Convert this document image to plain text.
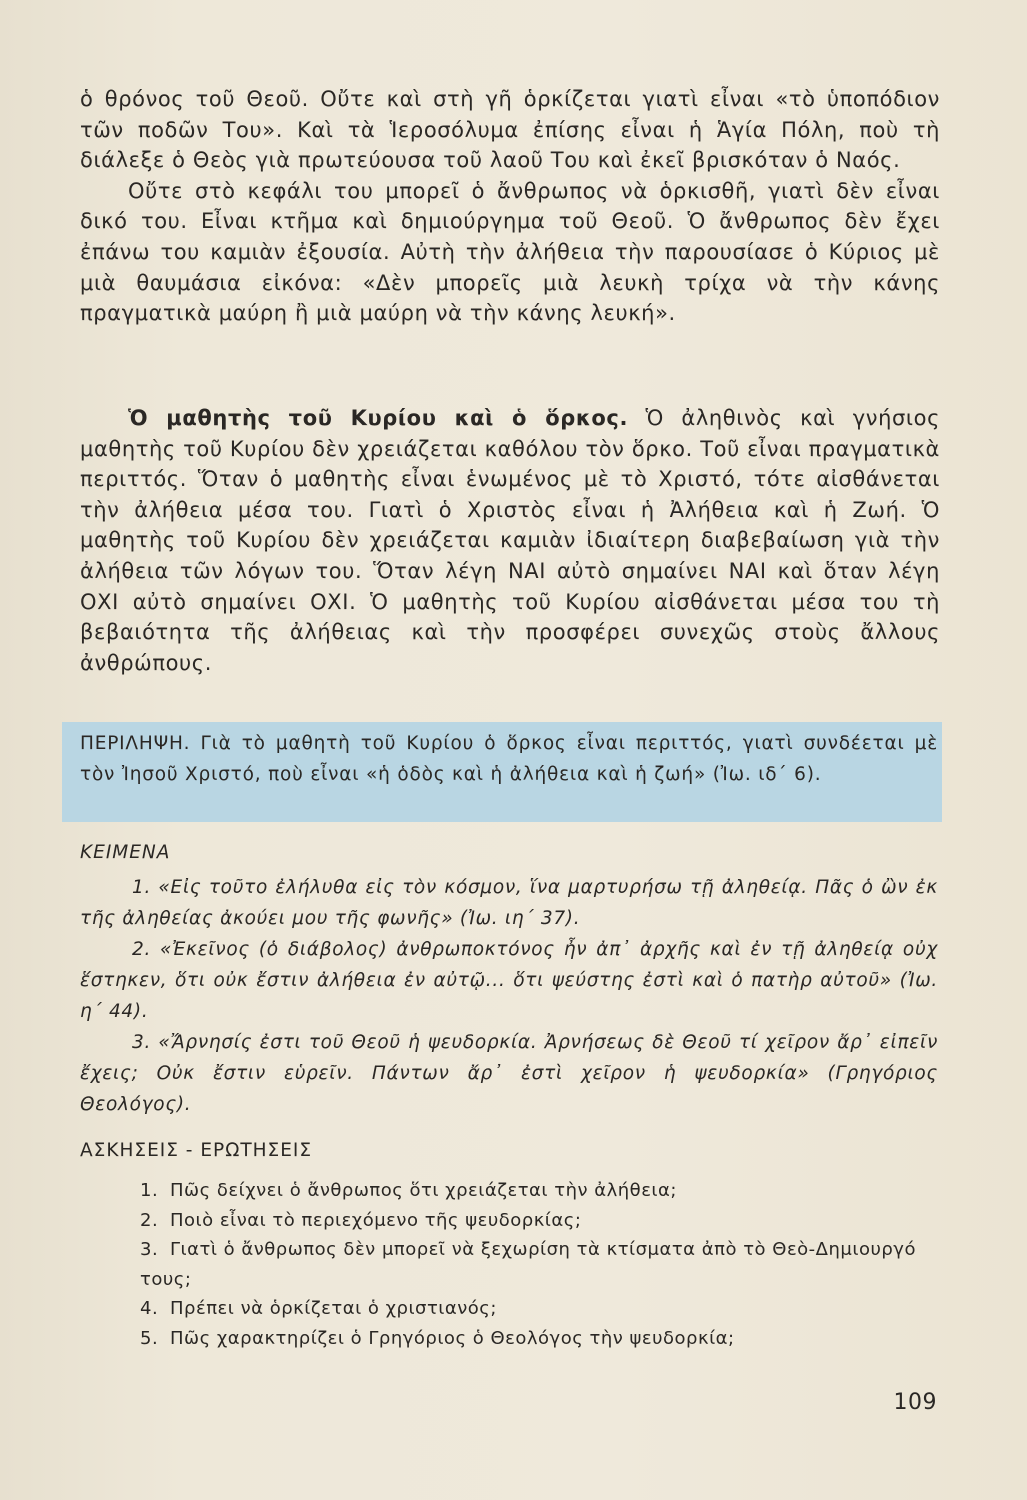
ὁ θρόνος τοῦ Θεοῦ. Οὔτε καὶ στὴ γῆ ὁρκίζεται γιατὶ εἶναι «τὸ ὑποπόδιον τῶν ποδῶν Του». Καὶ τὰ Ἱεροσόλυμα ἐπίσης εἶναι ἡ Ἁγία Πόλη, ποὺ τὴ διάλεξε ὁ Θεὸς γιὰ πρωτεύουσα τοῦ λαοῦ Του καὶ ἐκεῖ βρισκόταν ὁ Ναός.

Οὔτε στὸ κεφάλι του μπορεῖ ὁ ἄνθρωπος νὰ ὁρκισθῆ, γιατὶ δὲν εἶναι δικό του. Εἶναι κτῆμα καὶ δημιούργημα τοῦ Θεοῦ. Ὁ ἄνθρωπος δὲν ἔχει ἐπάνω του καμιὰν ἐξουσία. Αὐτὴ τὴν ἀλήθεια τὴν παρουσίασε ὁ Κύριος μὲ μιὰ θαυμάσια εἰκόνα: «Δὲν μπορεῖς μιὰ λευκὴ τρίχα νὰ τὴν κάνης πραγματικὰ μαύρη ἢ μιὰ μαύρη νὰ τὴν κάνης λευκή».

Ὁ μαθητὴς τοῦ Κυρίου καὶ ὁ ὅρκος. Ὁ ἀληθινὸς καὶ γνήσιος μαθητὴς τοῦ Κυρίου δὲν χρειάζεται καθόλου τὸν ὅρκο. Τοῦ εἶναι πραγματικὰ περιττός. Ὅταν ὁ μαθητὴς εἶναι ἑνωμένος μὲ τὸ Χριστό, τότε αἰσθάνεται τὴν ἀλήθεια μέσα του. Γιατὶ ὁ Χριστὸς εἶναι ἡ Ἀλήθεια καὶ ἡ Ζωή. Ὁ μαθητὴς τοῦ Κυρίου δὲν χρειάζεται καμιὰν ἰδιαίτερη διαβεβαίωση γιὰ τὴν ἀλήθεια τῶν λόγων του. Ὅταν λέγη ΝΑΙ αὐτὸ σημαίνει ΝΑΙ καὶ ὅταν λέγη ΟΧΙ αὐτὸ σημαίνει ΟΧΙ. Ὁ μαθητὴς τοῦ Κυρίου αἰσθάνεται μέσα του τὴ βεβαιότητα τῆς ἀλήθειας καὶ τὴν προσφέρει συνεχῶς στοὺς ἄλλους ἀνθρώπους.

ΠΕΡΙΛΗΨΗ. Γιὰ τὸ μαθητὴ τοῦ Κυρίου ὁ ὅρκος εἶναι περιττός, γιατὶ συνδέεται μὲ τὸν Ἰησοῦ Χριστό, ποὺ εἶναι «ἡ ὁδὸς καὶ ἡ ἀλήθεια καὶ ἡ ζωή» (Ἰω. ιδ΄ 6).

ΚΕΙΜΕΝΑ

1. «Εἰς τοῦτο ἐλήλυθα εἰς τὸν κόσμον, ἵνα μαρτυρήσω τῇ ἀληθείᾳ. Πᾶς ὁ ὢν ἐκ τῆς ἀληθείας ἀκούει μου τῆς φωνῆς» (Ἰω. ιη΄ 37).

2. «Ἐκεῖνος (ὁ διάβολος) ἀνθρωποκτόνος ἦν ἀπ᾿ ἀρχῆς καὶ ἐν τῇ ἀληθείᾳ οὐχ ἕστηκεν, ὅτι οὐκ ἔστιν ἀλήθεια ἐν αὐτῷ... ὅτι ψεύστης ἐστὶ καὶ ὁ πατὴρ αὐτοῦ» (Ἰω. η΄ 44).

3. «Ἄρνησίς ἐστι τοῦ Θεοῦ ἡ ψευδορκία. Ἀρνήσεως δὲ Θεοῦ τί χεῖρον ἄρ᾿ εἰπεῖν ἔχεις; Οὐκ ἔστιν εὑρεῖν. Πάντων ἄρ᾿ ἐστὶ χεῖρον ἡ ψευδορκία» (Γρηγόριος Θεολόγος).

ΑΣΚΗΣΕΙΣ - ΕΡΩΤΗΣΕΙΣ

1. Πῶς δείχνει ὁ ἄνθρωπος ὅτι χρειάζεται τὴν ἀλήθεια;
2. Ποιὸ εἶναι τὸ περιεχόμενο τῆς ψευδορκίας;
3. Γιατὶ ὁ ἄνθρωπος δὲν μπορεῖ νὰ ξεχωρίση τὰ κτίσματα ἀπὸ τὸ Θεὸ-Δημιουργό τους;
4. Πρέπει νὰ ὁρκίζεται ὁ χριστιανός;
5. Πῶς χαρακτηρίζει ὁ Γρηγόριος ὁ Θεολόγος τὴν ψευδορκία;
109
